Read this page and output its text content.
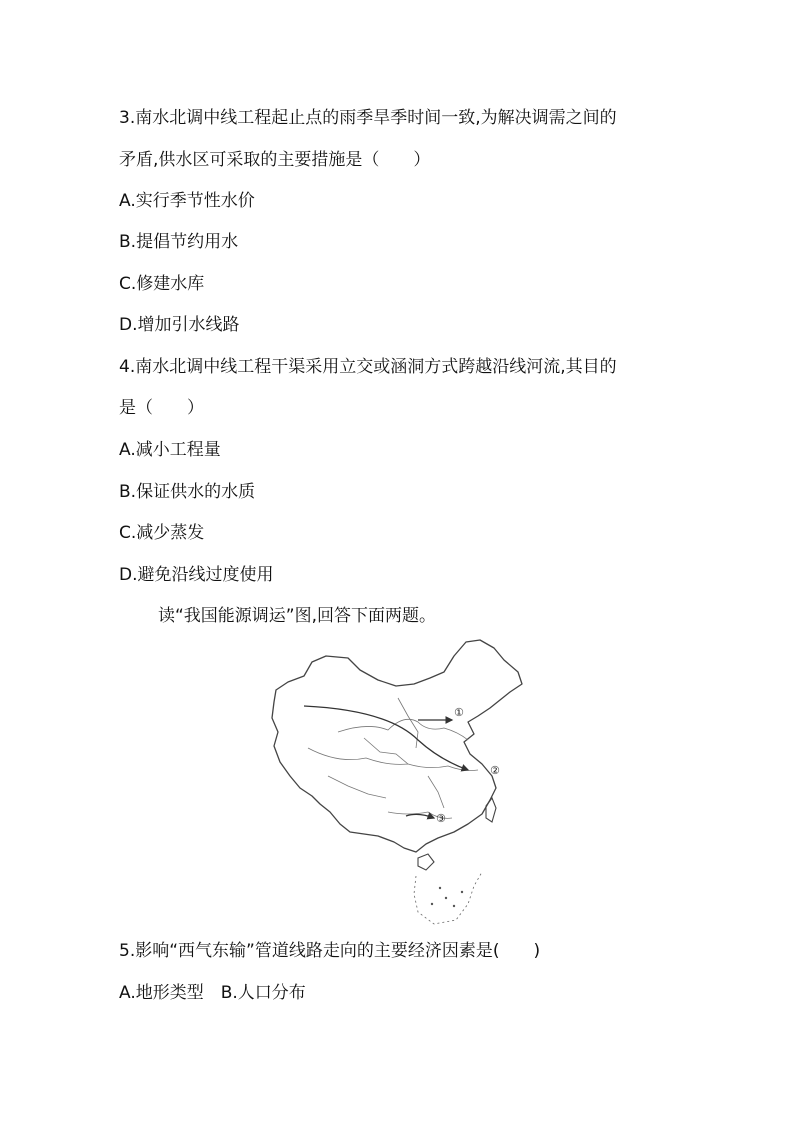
3.南水北调中线工程起止点的雨季旱季时间一致,为解决调需之间的
矛盾,供水区可采取的主要措施是（　　）
A.实行季节性水价
B.提倡节约用水
C.修建水库
D.增加引水线路
4.南水北调中线工程干渠采用立交或涵洞方式跨越沿线河流,其目的
是（　　）
A.减小工程量
B.保证供水的水质
C.减少蒸发
D.避免沿线过度使用
读“我国能源调运”图,回答下面两题。
①
②
③
5.影响“西气东输”管道线路走向的主要经济因素是(　　)
A.地形类型　B.人口分布
